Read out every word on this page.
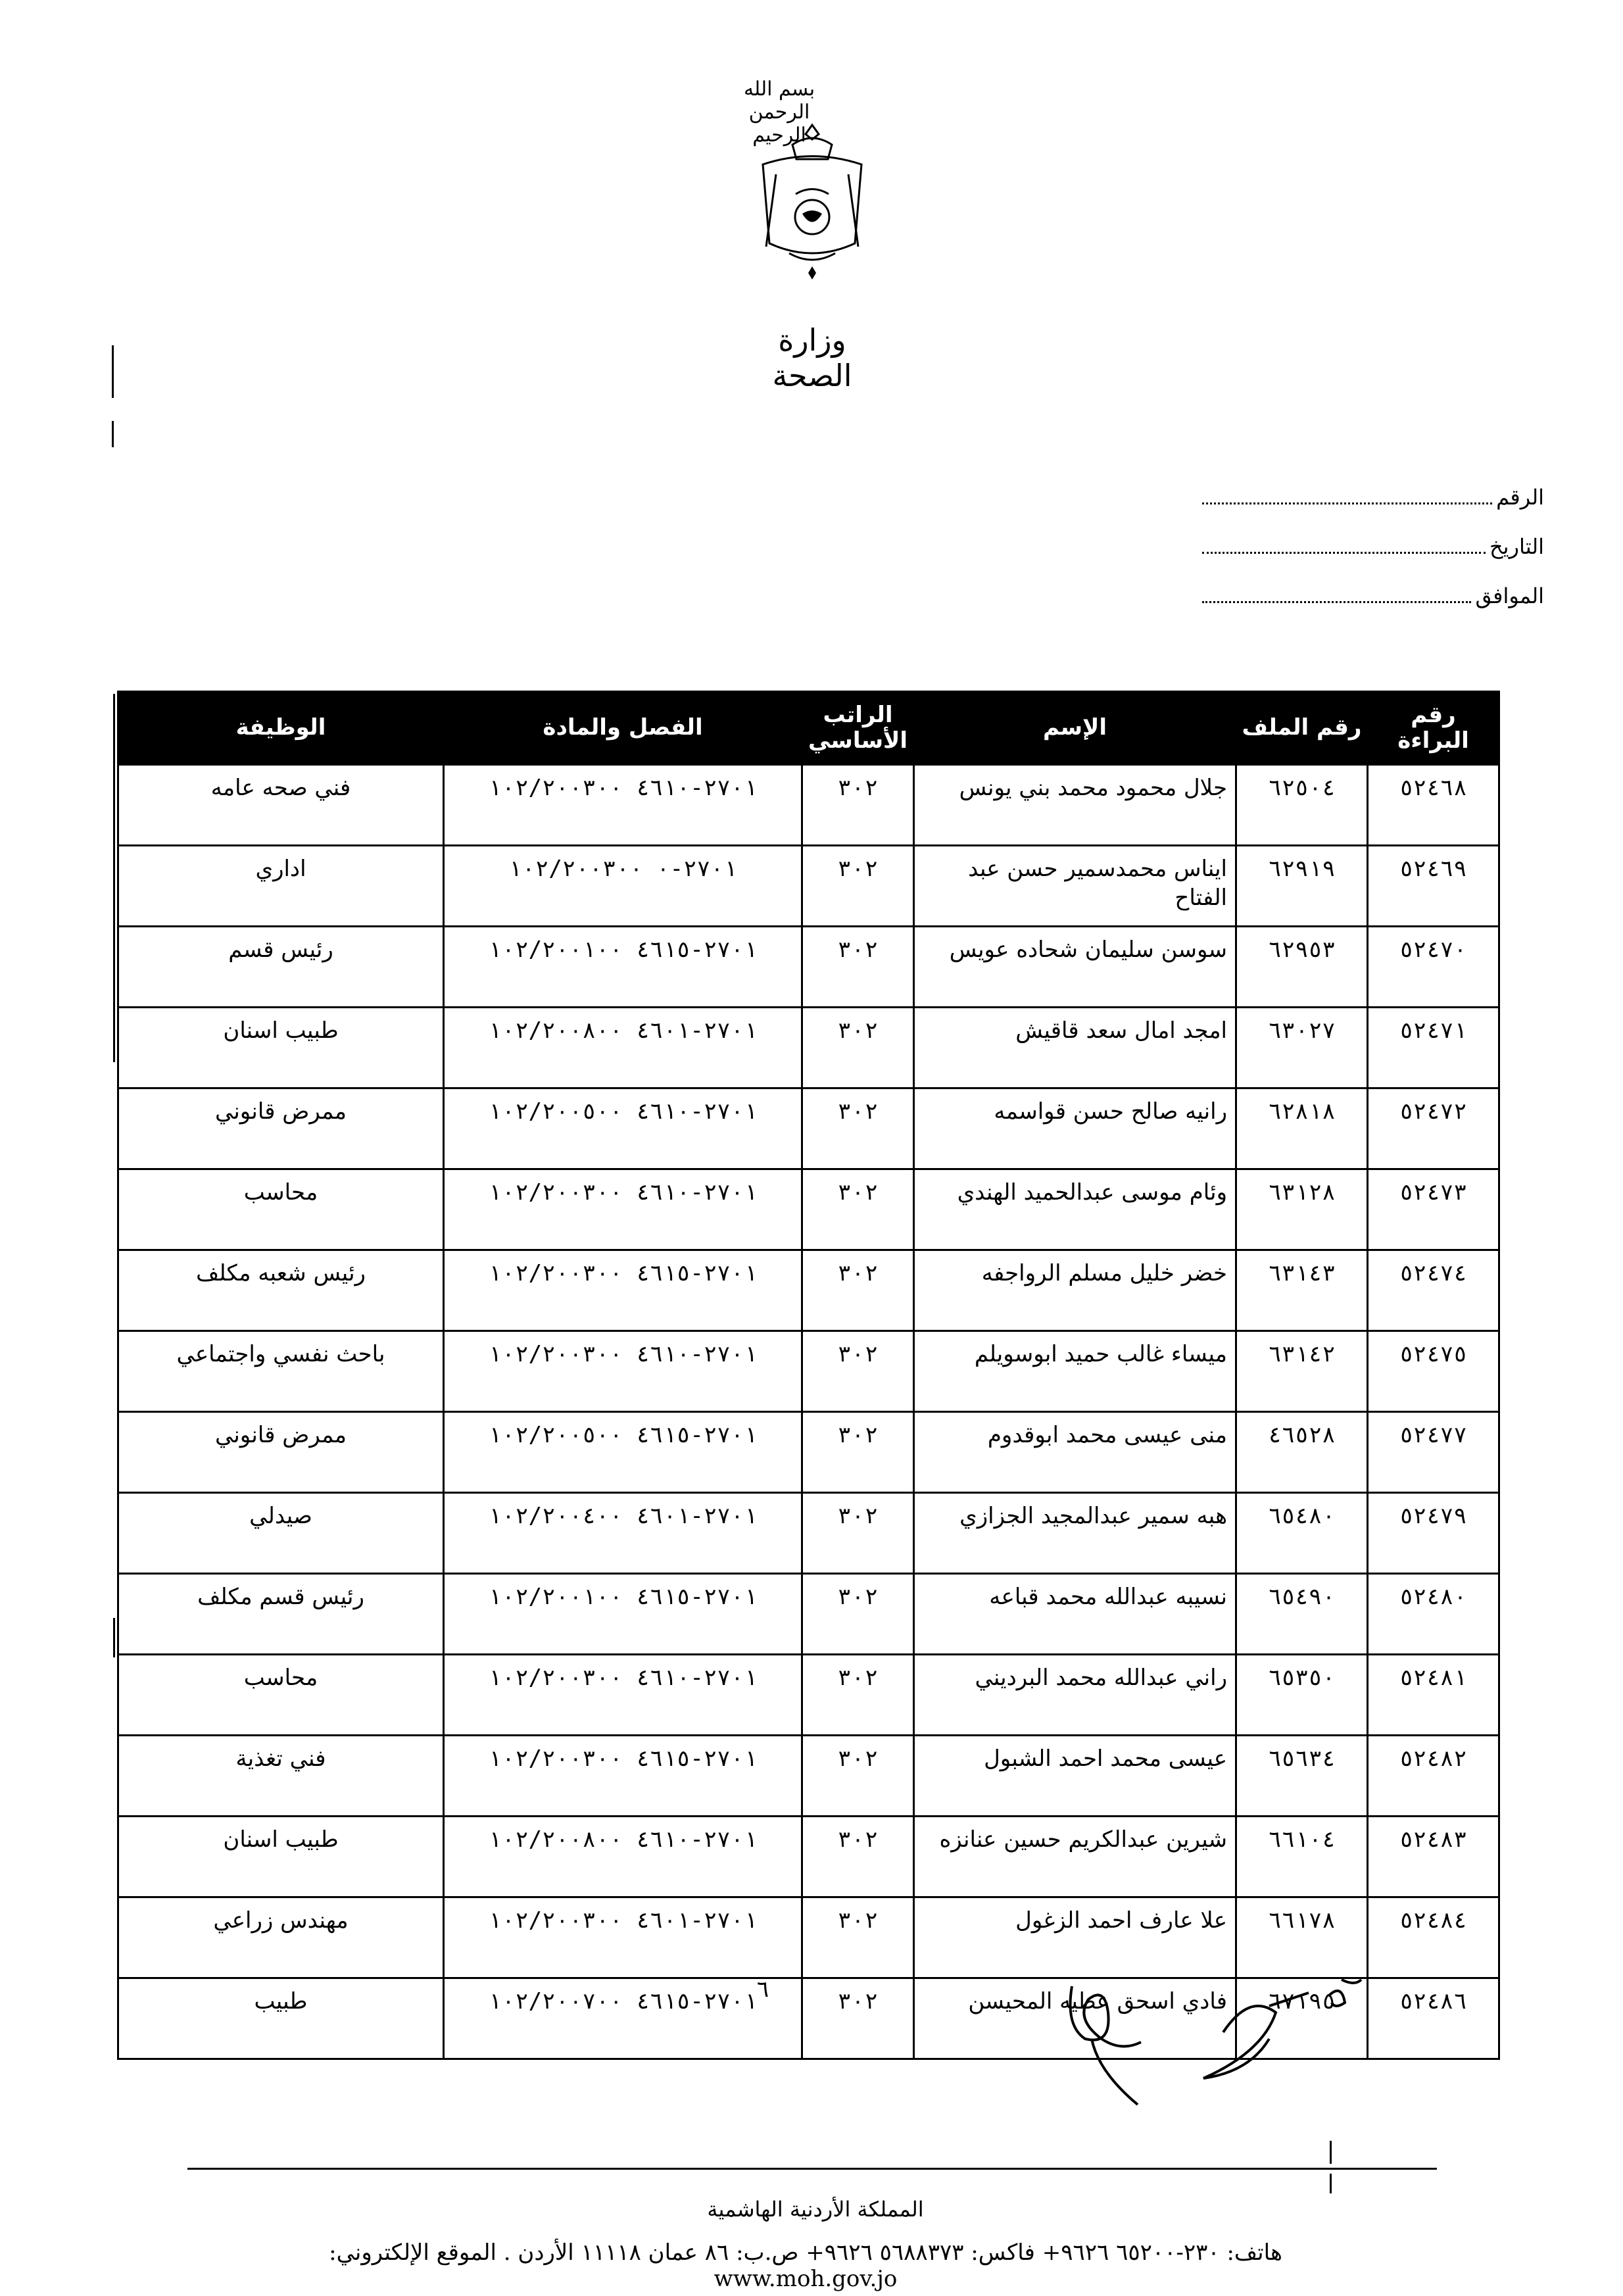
بسم الله الرحمن الرحيم
وزارة الصحة
الرقم
التاريخ
الموافق
رقم البراءة	رقم الملف	الإسم	الراتب الأساسي	الفصل والمادة	الوظيفة
٥٢٤٦٨	٦٢٥٠٤	جلال محمود محمد بني يونس	٣٠٢	٢٧٠١-٤٦١٠ ١٠٢/٢٠٠٣٠٠	فني صحه عامه
٥٢٤٦٩	٦٢٩١٩	ايناس محمدسمير حسن عبد الفتاح	٣٠٢	٢٧٠١-٠ ١٠٢/٢٠٠٣٠٠	اداري
٥٢٤٧٠	٦٢٩٥٣	سوسن سليمان شحاده عويس	٣٠٢	٢٧٠١-٤٦١٥ ١٠٢/٢٠٠١٠٠	رئيس قسم
٥٢٤٧١	٦٣٠٢٧	امجد امال سعد قاقيش	٣٠٢	٢٧٠١-٤٦٠١ ١٠٢/٢٠٠٨٠٠	طبيب اسنان
٥٢٤٧٢	٦٢٨١٨	رانيه صالح حسن قواسمه	٣٠٢	٢٧٠١-٤٦١٠ ١٠٢/٢٠٠٥٠٠	ممرض قانوني
٥٢٤٧٣	٦٣١٢٨	وئام موسى عبدالحميد الهندي	٣٠٢	٢٧٠١-٤٦١٠ ١٠٢/٢٠٠٣٠٠	محاسب
٥٢٤٧٤	٦٣١٤٣	خضر خليل مسلم الرواجفه	٣٠٢	٢٧٠١-٤٦١٥ ١٠٢/٢٠٠٣٠٠	رئيس شعبه مكلف
٥٢٤٧٥	٦٣١٤٢	ميساء غالب حميد ابوسويلم	٣٠٢	٢٧٠١-٤٦١٠ ١٠٢/٢٠٠٣٠٠	باحث نفسي واجتماعي
٥٢٤٧٧	٤٦٥٢٨	منى عيسى محمد ابوقدوم	٣٠٢	٢٧٠١-٤٦١٥ ١٠٢/٢٠٠٥٠٠	ممرض قانوني
٥٢٤٧٩	٦٥٤٨٠	هبه سمير عبدالمجيد الجزازي	٣٠٢	٢٧٠١-٤٦٠١ ١٠٢/٢٠٠٤٠٠	صيدلي
٥٢٤٨٠	٦٥٤٩٠	نسيبه عبدالله محمد قباعه	٣٠٢	٢٧٠١-٤٦١٥ ١٠٢/٢٠٠١٠٠	رئيس قسم مكلف
٥٢٤٨١	٦٥٣٥٠	راني عبدالله محمد البرديني	٣٠٢	٢٧٠١-٤٦١٠ ١٠٢/٢٠٠٣٠٠	محاسب
٥٢٤٨٢	٦٥٦٣٤	عيسى محمد احمد الشبول	٣٠٢	٢٧٠١-٤٦١٥ ١٠٢/٢٠٠٣٠٠	فني تغذية
٥٢٤٨٣	٦٦١٠٤	شيرين عبدالكريم حسين عنانزه	٣٠٢	٢٧٠١-٤٦١٠ ١٠٢/٢٠٠٨٠٠	طبيب اسنان
٥٢٤٨٤	٦٦١٧٨	علا عارف احمد الزغول	٣٠٢	٢٧٠١-٤٦٠١ ١٠٢/٢٠٠٣٠٠	مهندس زراعي
٥٢٤٨٦	٦٧١٩٥	فادي اسحق عطيه المحيسن	٣٠٢	٢٧٠١-٤٦١٥ ١٠٢/٢٠٠٧٠٠	طبيب	٦
المملكة الأردنية الهاشمية
هاتف: ٢٣٠-٦٥٢٠٠ ٩٦٢٦+ فاكس: ٥٦٨٨٣٧٣ ٩٦٢٦+ ص.ب: ٨٦ عمان ١١١١٨ الأردن . الموقع الإلكتروني: www.moh.gov.jo
